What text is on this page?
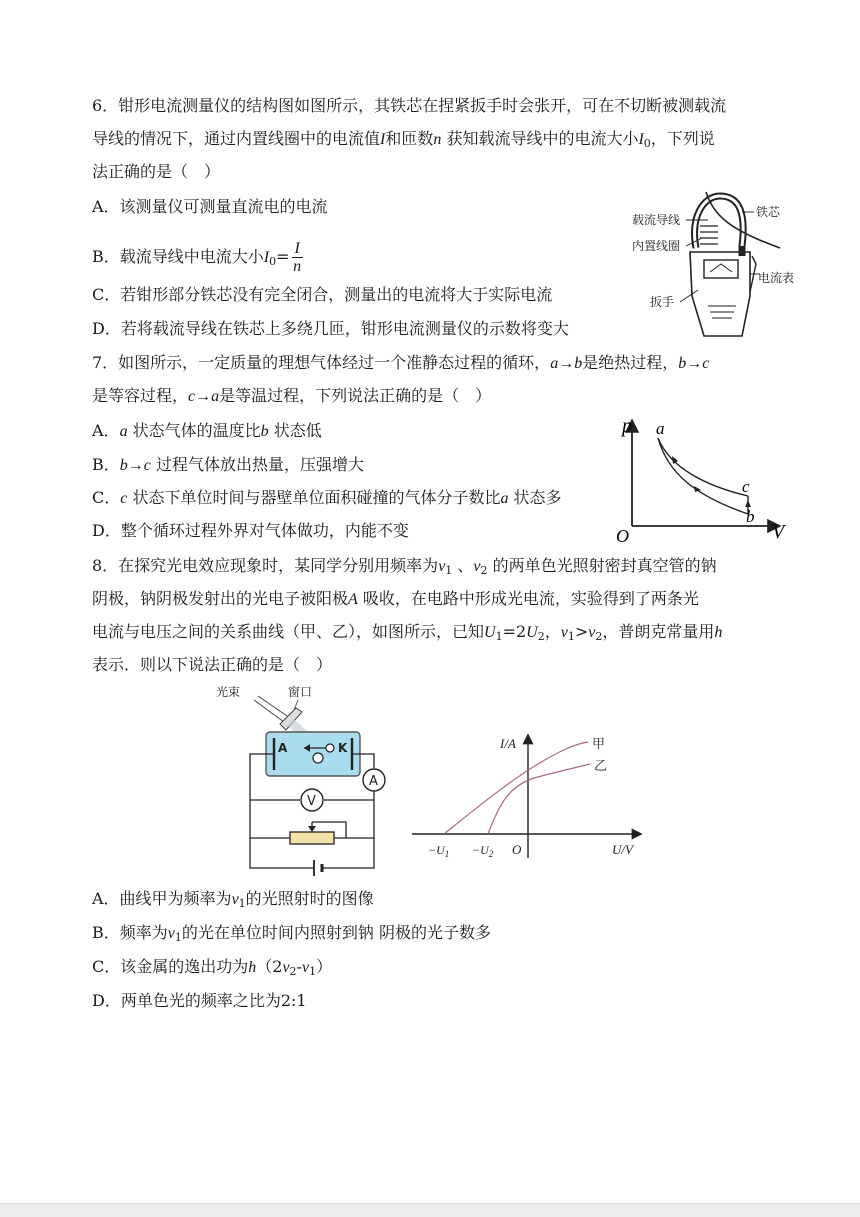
6．钳形电流测量仪的结构图如图所示，其铁芯在捏紧扳手时会张开，可在不切断被测载流
导线的情况下，通过内置线圈中的电流值I和匝数n 获知载流导线中的电流大小$I_0$，下列说
法正确的是（　）
A．该测量仪可测量直流电的电流
B．载流导线中电流大小$I_0= \frac{I}{n}$
C．若钳形部分铁芯没有完全闭合，测量出的电流将大于实际电流
D．若将载流导线在铁芯上多绕几匝，钳形电流测量仪的示数将变大
铁芯
载流导线
内置线圈
电流表
扳手
7．如图所示，一定质量的理想气体经过一个准静态过程的循环，a→b是绝热过程，b→c
是等容过程，c→a是等温过程，下列说法正确的是（　）
A．a 状态气体的温度比b 状态低
B．b→c 过程气体放出热量，压强增大
C．c 状态下单位时间与器壁单位面积碰撞的气体分子数比a 状态多
D．整个循环过程外界对气体做功，内能不变
p
V
O
a
b
c
8．在探究光电效应现象时，某同学分别用频率为$\nu_1$ 、$\nu_2$ 的两单色光照射密封真空管的钠
阴极，钠阴极发射出的光电子被阳极A 吸收，在电路中形成光电流，实验得到了两条光
电流与电压之间的关系曲线（甲、乙），如图所示，已知$U_1=2U_2$，$\nu_1>\nu_2$，普朗克常量用h
表示．则以下说法正确的是（　）
光束	窗口
A	K
A
V
I/A
U/V
O
$-U_1 -U_2$
甲
乙
A．曲线甲为频率为$\nu_1$的光照射时的图像
B．频率为$\nu_1$的光在单位时间内照射到钠 阴极的光子数多
C．该金属的逸出功为$h(2\nu_2-\nu_1)$
D．两单色光的频率之比为2:1
